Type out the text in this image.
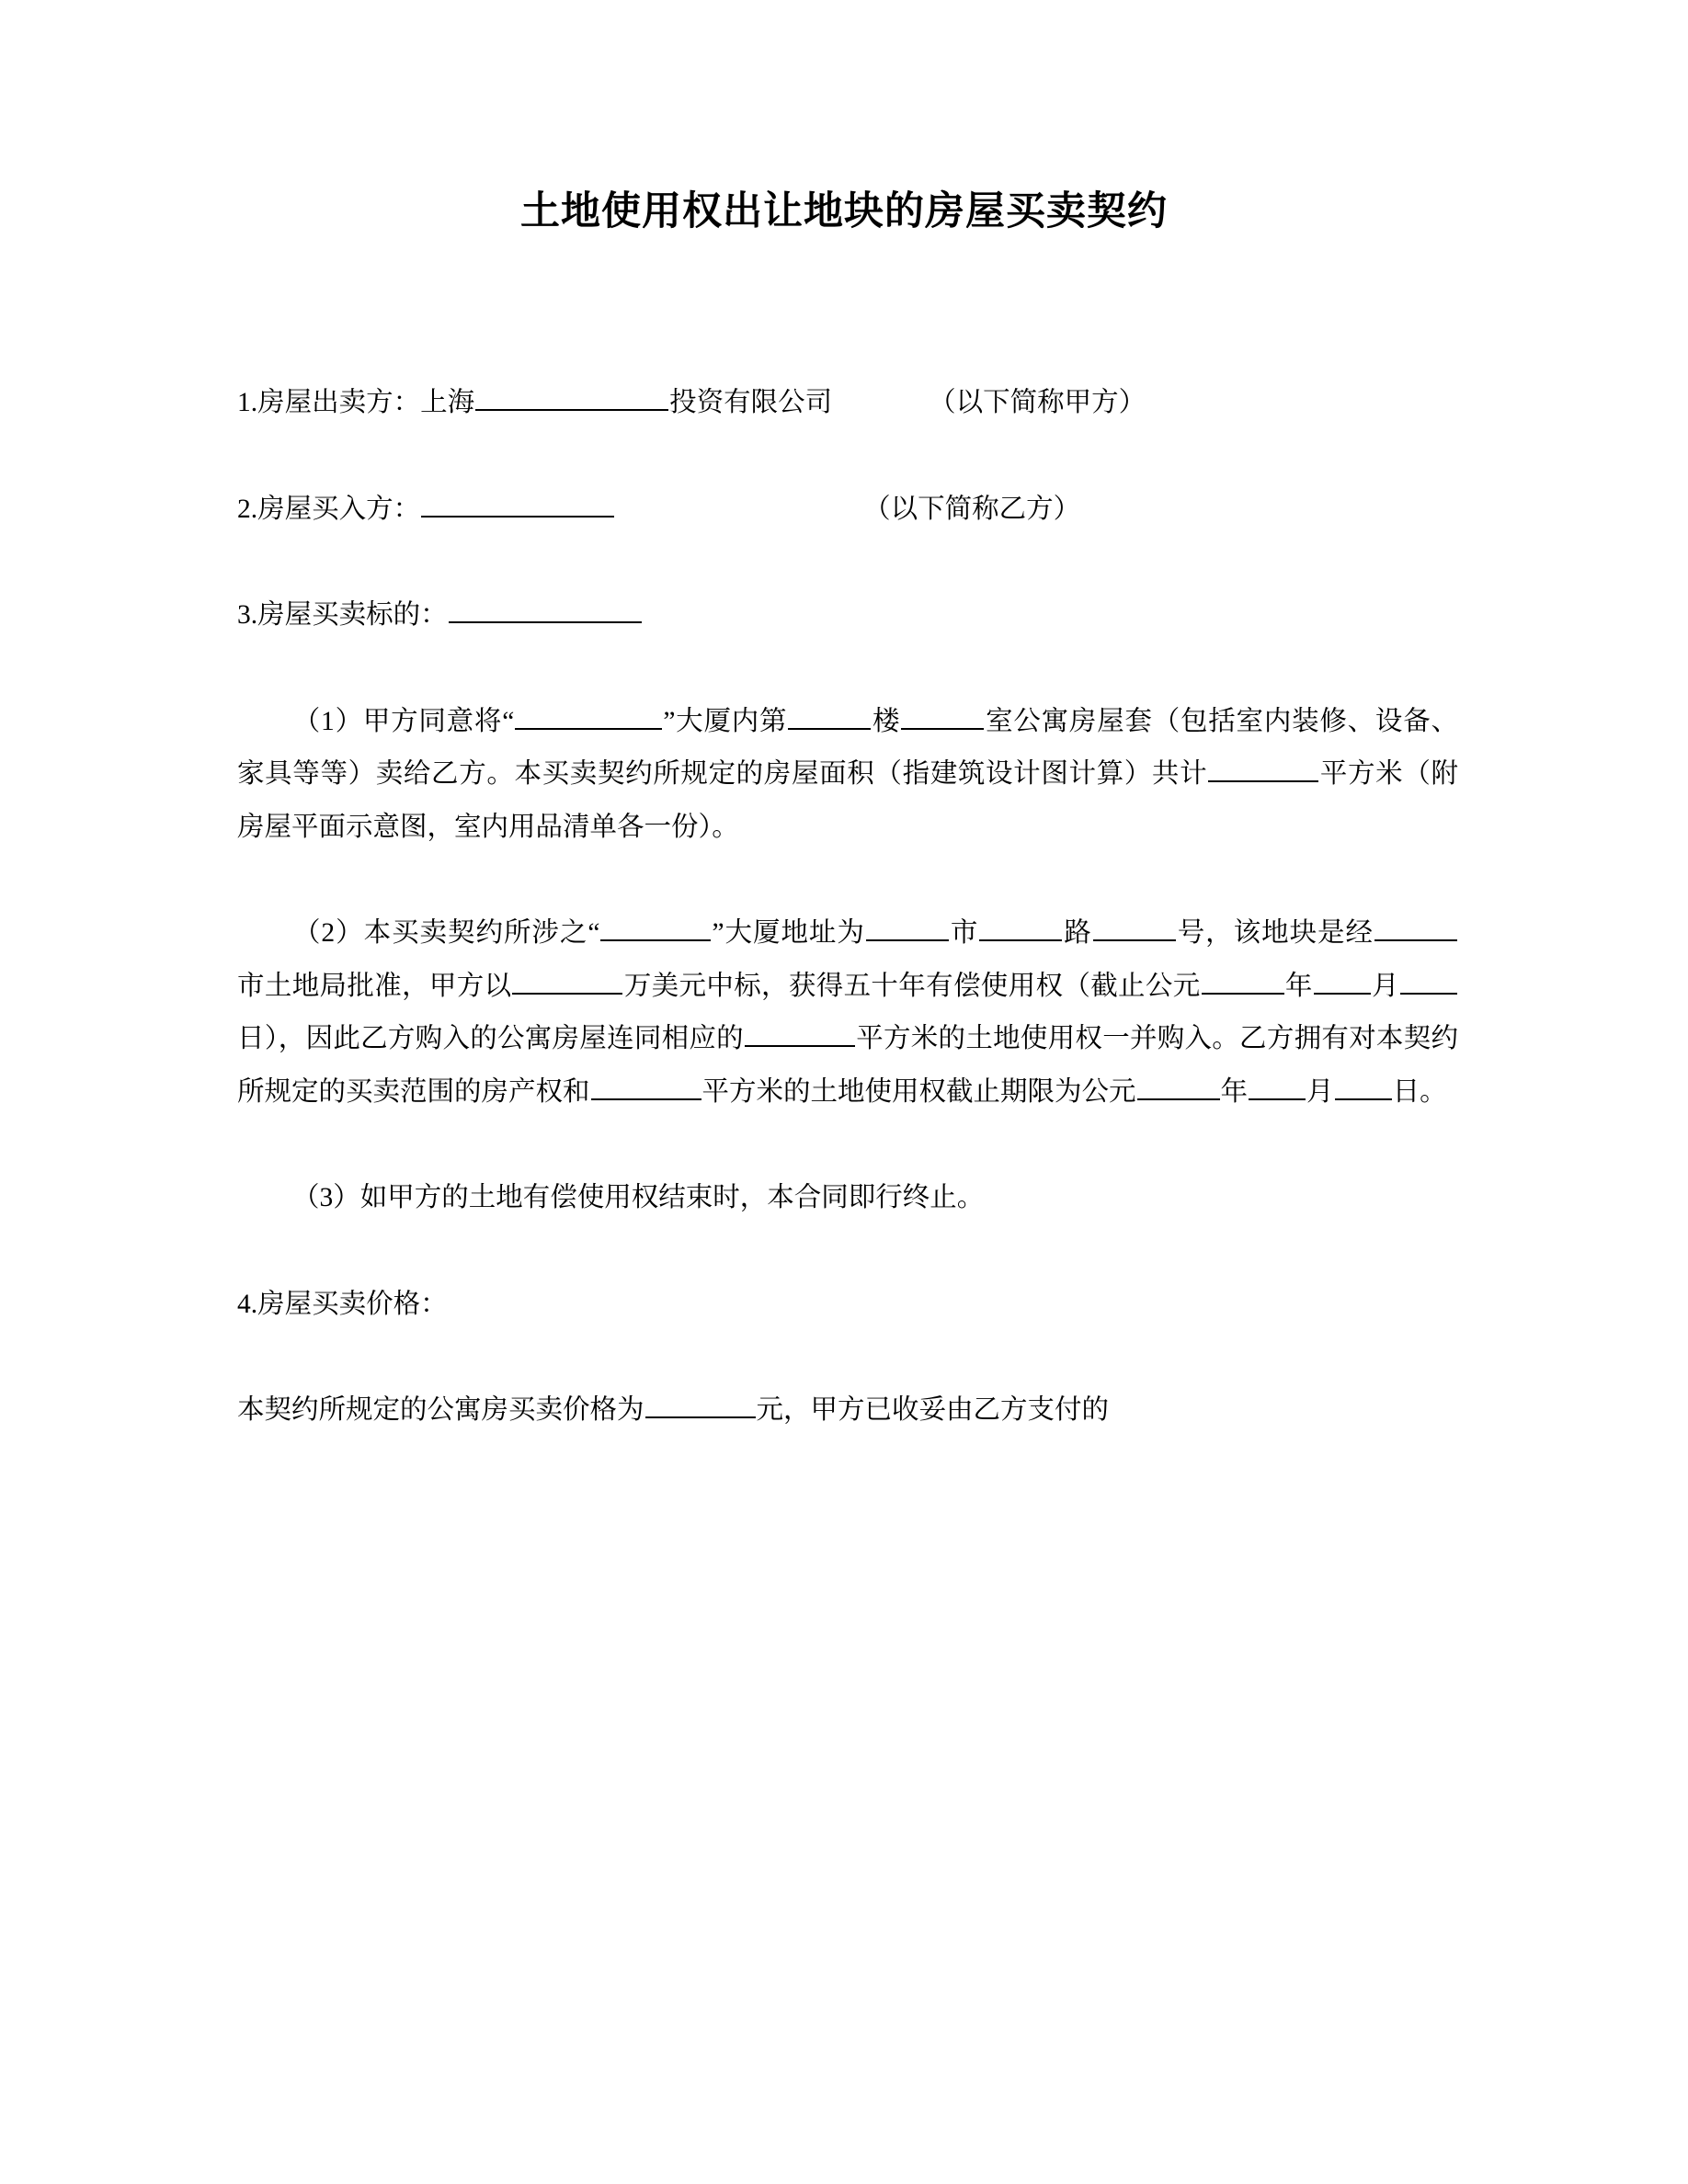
土地使用权出让地块的房屋买卖契约

1.房屋出卖方：上海	投资有限公司	（以下简称甲方）

2.房屋买入方：	（以下简称乙方）

3.房屋买卖标的：

（1）甲方同意将“	”大厦内第	楼	室公寓房屋套（包括室内装修、设备、家具等等）卖给乙方。本买卖契约所规定的房屋面积（指建筑设计图计算）共计	平方米（附房屋平面示意图，室内用品清单各一份）。

（2）本买卖契约所涉之“	”大厦地址为	市	路	号，该地块是经市土地局批准，甲方以	万美元中标，获得五十年有偿使用权（截止公元	年 月日），因此乙方购入的公寓房屋连同相应的	平方米的土地使用权一并购入。乙方拥有对本契约所规定的买卖范围的房产权和	平方米的土地使用权截止期限为公元	年 月 日。

（3）如甲方的土地有偿使用权结束时，本合同即行终止。

4.房屋买卖价格：

本契约所规定的公寓房买卖价格为	元，甲方已收妥由乙方支付的
